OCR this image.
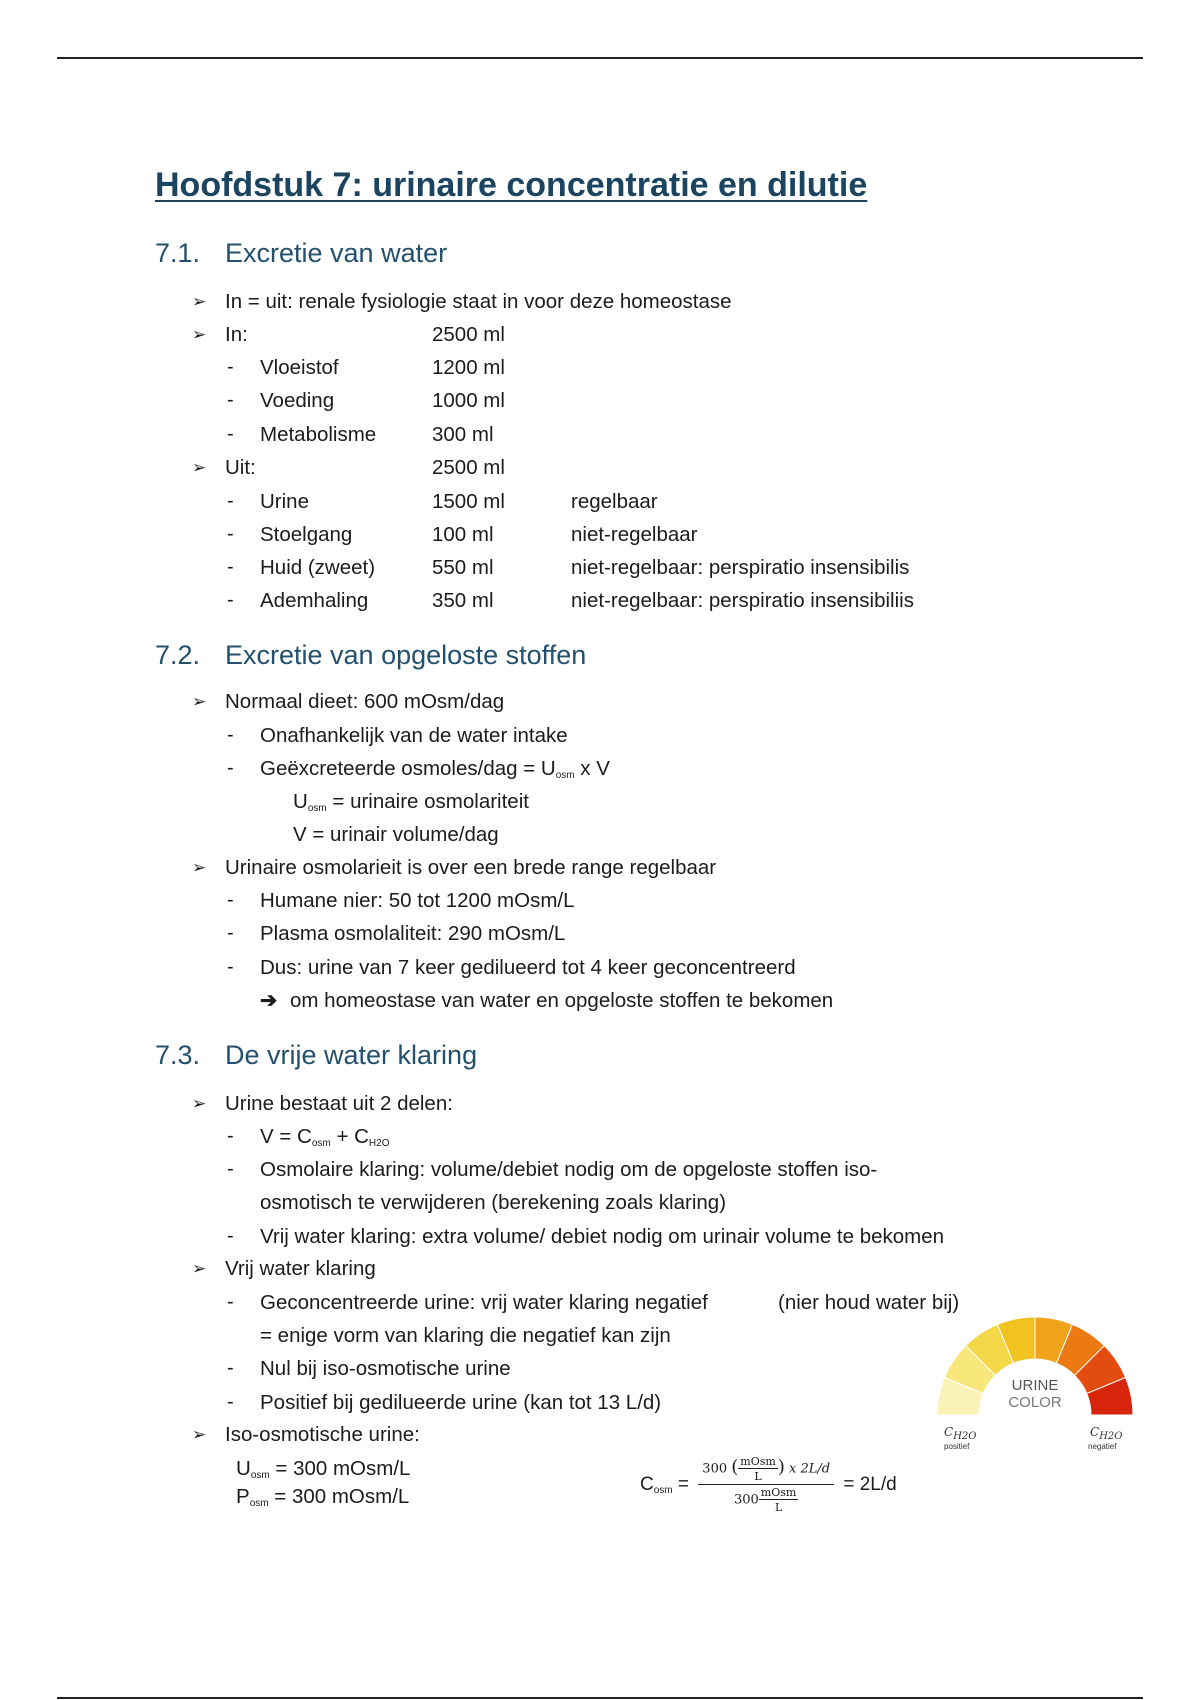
Hoofdstuk 7: urinaire concentratie en dilutie
7.1. Excretie van water
➢ In = uit: renale fysiologie staat in voor deze homeostase
➢ In:	2500 ml
- Vloeistof	1200 ml
- Voeding	1000 ml
- Metabolisme	300 ml
➢ Uit:	2500 ml
- Urine	1500 ml	regelbaar
- Stoelgang	100 ml	niet-regelbaar
- Huid (zweet)	550 ml	niet-regelbaar: perspiratio insensibilis
- Ademhaling	350 ml	niet-regelbaar: perspiratio insensibiliis
7.2. Excretie van opgeloste stoffen
➢ Normaal dieet: 600 mOsm/dag
- Onafhankelijk van de water intake
- Geëxcreteerde osmoles/dag = $U_{osm}$ x V
$U_{osm}$ = urinaire osmolariteit
V = urinair volume/dag
➢ Urinaire osmolarieit is over een brede range regelbaar
- Humane nier: 50 tot 1200 mOsm/L
- Plasma osmolaliteit: 290 mOsm/L
- Dus: urine van 7 keer gedilueerd tot 4 keer geconcentreerd
➔ om homeostase van water en opgeloste stoffen te bekomen
7.3. De vrije water klaring
➢ Urine bestaat uit 2 delen:
- $V = C_{osm} + C_{H2O}$
- Osmolaire klaring: volume/debiet nodig om de opgeloste stoffen iso-
osmotisch te verwijderen (berekening zoals klaring)
- Vrij water klaring: extra volume/ debiet nodig om urinair volume te bekomen
➢ Vrij water klaring
- Geconcentreerde urine: vrij water klaring negatief	(nier houd water bij)
= enige vorm van klaring die negatief kan zijn
- Nul bij iso-osmotische urine
- Positief bij gedilueerde urine (kan tot 13 L/d)
➢ Iso-osmotische urine:
$U_{osm} = 300$ mOsm/L
$P_{osm} = 300$ mOsm/L
$C_{osm} = \frac{300 ( \frac{\text{mOsm}}{L} ) x 2L/d}{300 \frac{\text{mOsm}}{L}} = 2L/d$
URINE
COLOR
$C_{H2O}$
positief
$C_{H2O}$
negatief
